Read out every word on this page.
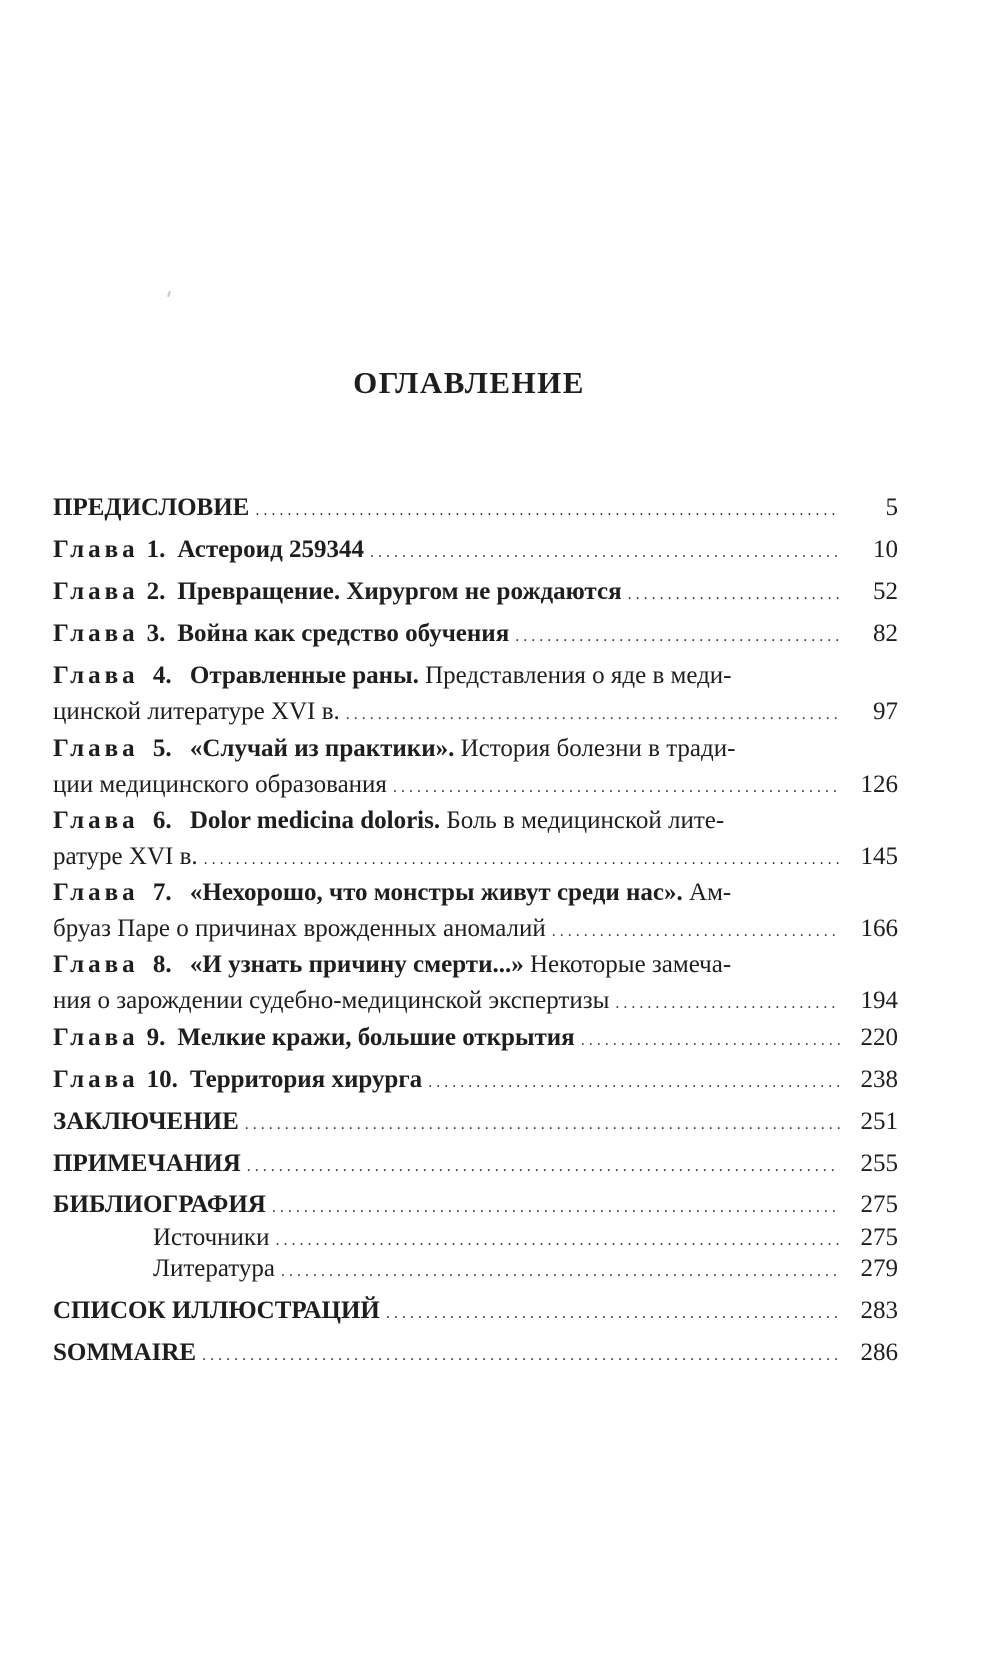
ОГЛАВЛЕНИЕ
ПРЕДИСЛОВИЕ . . .	5
Глава 1. Астероид 259344 . . .	10
Глава 2. Превращение. Хирургом не рождаются . . .	52
Глава 3. Война как средство обучения . . .	82
Глава 4. Отравленные раны. Представления о яде в меди-
цинской литературе XVI в. . . .	97
Глава 5. «Случай из практики». История болезни в тради-
ции медицинского образования . . .	126
Глава 6. Dolor medicina doloris. Боль в медицинской лите-
ратуре XVI в. . . .	145
Глава 7. «Нехорошо, что монстры живут среди нас». Ам-
бруаз Паре о причинах врожденных аномалий . . .	166
Глава 8. «И узнать причину смерти...» Некоторые замеча-
ния о зарождении судебно-медицинской экспертизы . . .	194
Глава 9. Мелкие кражи, большие открытия . . .	220
Глава 10. Территория хирурга . . .	238
ЗАКЛЮЧЕНИЕ . . .	251
ПРИМЕЧАНИЯ . . .	255
БИБЛИОГРАФИЯ . . .	275
Источники . . .	275
Литература . . .	279
СПИСОК ИЛЛЮСТРАЦИЙ . . .	283
SOMMAIRE . . .	286
